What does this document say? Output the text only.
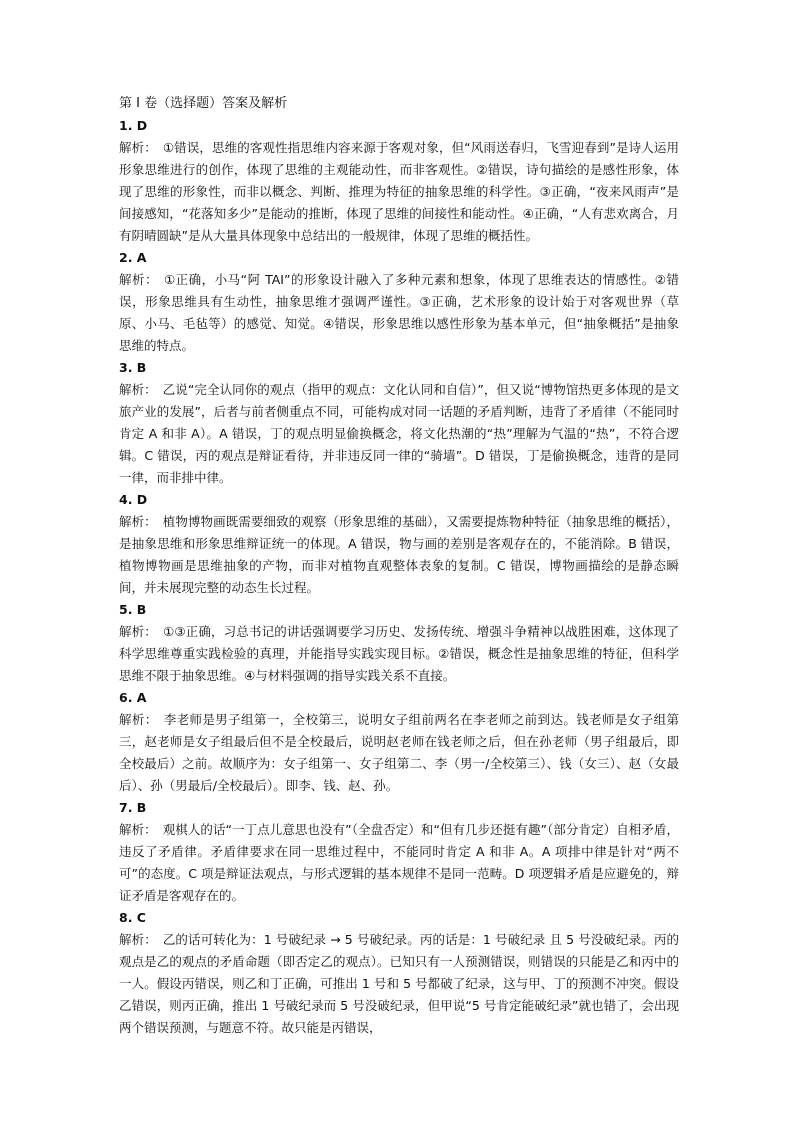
第 I 卷（选择题）答案及解析
1. D
解析： ①错误，思维的客观性指思维内容来源于客观对象，但“风雨送春归，飞雪迎春到”是诗人运用形象思维进行的创作，体现了思维的主观能动性，而非客观性。②错误，诗句描绘的是感性形象，体现了思维的形象性，而非以概念、判断、推理为特征的抽象思维的科学性。③正确，“夜来风雨声”是间接感知，“花落知多少”是能动的推断，体现了思维的间接性和能动性。④正确，“人有悲欢离合，月有阴晴圆缺”是从大量具体现象中总结出的一般规律，体现了思维的概括性。
2. A
解析： ①正确，小马“阿 TAI”的形象设计融入了多种元素和想象，体现了思维表达的情感性。②错误，形象思维具有生动性，抽象思维才强调严谨性。③正确，艺术形象的设计始于对客观世界（草原、小马、毛毡等）的感觉、知觉。④错误，形象思维以感性形象为基本单元，但“抽象概括”是抽象思维的特点。
3. B
解析： 乙说“完全认同你的观点（指甲的观点：文化认同和自信）”，但又说“博物馆热更多体现的是文旅产业的发展”，后者与前者侧重点不同，可能构成对同一话题的矛盾判断，违背了矛盾律（不能同时肯定 A 和非 A）。A 错误，丁的观点明显偷换概念，将文化热潮的“热”理解为气温的“热”，不符合逻辑。C 错误，丙的观点是辩证看待，并非违反同一律的“骑墙”。D 错误，丁是偷换概念，违背的是同一律，而非排中律。
4. D
解析： 植物博物画既需要细致的观察（形象思维的基础），又需要提炼物种特征（抽象思维的概括），是抽象思维和形象思维辩证统一的体现。A 错误，物与画的差别是客观存在的，不能消除。B 错误，植物博物画是思维抽象的产物，而非对植物直观整体表象的复制。C 错误，博物画描绘的是静态瞬间，并未展现完整的动态生长过程。
5. B
解析： ①③正确，习总书记的讲话强调要学习历史、发扬传统、增强斗争精神以战胜困难，这体现了科学思维尊重实践检验的真理，并能指导实践实现目标。②错误，概念性是抽象思维的特征，但科学思维不限于抽象思维。④与材料强调的指导实践关系不直接。
6. A
解析： 李老师是男子组第一，全校第三，说明女子组前两名在李老师之前到达。钱老师是女子组第三，赵老师是女子组最后但不是全校最后，说明赵老师在钱老师之后，但在孙老师（男子组最后，即全校最后）之前。故顺序为：女子组第一、女子组第二、李（男一/全校第三）、钱（女三）、赵（女最后）、孙（男最后/全校最后）。即李、钱、赵、孙。
7. B
解析： 观棋人的话“一丁点儿意思也没有”（全盘否定）和“但有几步还挺有趣”（部分肯定）自相矛盾，违反了矛盾律。矛盾律要求在同一思维过程中，不能同时肯定 A 和非 A。A 项排中律是针对“两不可”的态度。C 项是辩证法观点，与形式逻辑的基本规律不是同一范畴。D 项逻辑矛盾是应避免的，辩证矛盾是客观存在的。
8. C
解析： 乙的话可转化为：1 号破纪录 → 5 号破纪录。丙的话是：1 号破纪录 且 5 号没破纪录。丙的观点是乙的观点的矛盾命题（即否定乙的观点）。已知只有一人预测错误，则错误的只能是乙和丙中的一人。假设丙错误，则乙和丁正确，可推出 1 号和 5 号都破了纪录，这与甲、丁的预测不冲突。假设乙错误，则丙正确，推出 1 号破纪录而 5 号没破纪录，但甲说“5 号肯定能破纪录”就也错了，会出现两个错误预测，与题意不符。故只能是丙错误，
